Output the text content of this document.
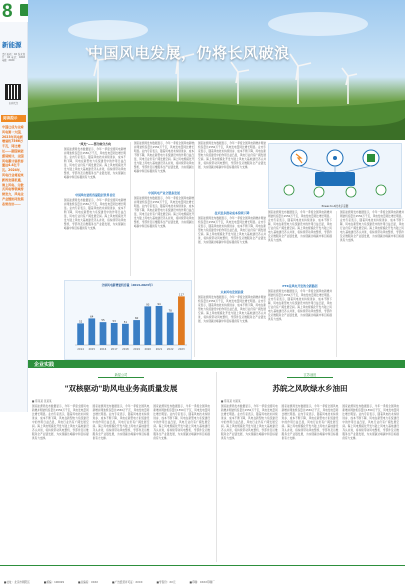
8
新能源
责任编辑：XX 版式设计：XX 电话：XXXX 电邮：XXXX
扫码关注
阅读提示
中国已成为全球风电第一大国，2023年风电新增装机7566万千瓦，同比增长……据国家能源局统计，全国风电累计装机容量达4.4亿千瓦。2024年，风电行业将迎来新的发展机遇，海上风电、分散式风电等领域持续发力，风电全产业链协同发展态势良好……
中国风电发展，仍将长风破浪
"风光"——部分细分方向
国家能源局发布数据显示，今年一季度全国风电新增并网装机容量达1550万千瓦，风电发电量同比增长明显。业内专家表示，随着风电技术持续进步、成本不断下降，风电在新型电力系统建设中的作用日益凸显，风电行业仍有广阔发展空间。海上风电规模化开发与陆上风电大基地建设齐头并进，将持续带动风电整机、零部件及运维服务全产业链发展，为实现碳达峰碳中和目标提供有力支撑。
中国风电装机容量稳居世界首位
国家能源局发布数据显示，今年一季度全国风电新增并网装机容量达1550万千瓦，风电发电量同比增长明显。业内专家表示，随着风电技术持续进步、成本不断下降，风电在新型电力系统建设中的作用日益凸显，风电行业仍有广阔发展空间。海上风电规模化开发与陆上风电大基地建设齐头并进，将持续带动风电整机、零部件及运维服务全产业链发展，为实现碳达峰碳中和目标提供有力支撑。
国家能源局发布数据显示，今年一季度全国风电新增并网装机容量达1550万千瓦，风电发电量同比增长明显。业内专家表示，随着风电技术持续进步、成本不断下降，风电在新型电力系统建设中的作用日益凸显，风电行业仍有广阔发展空间。海上风电规模化开发与陆上风电大基地建设齐头并进，将持续带动风电整机、零部件及运维服务全产业链发展，为实现碳达峰碳中和目标提供有力支撑。
中国风电产业全链条发展
国家能源局发布数据显示，今年一季度全国风电新增并网装机容量达1550万千瓦，风电发电量同比增长明显。业内专家表示，随着风电技术持续进步、成本不断下降，风电在新型电力系统建设中的作用日益凸显，风电行业仍有广阔发展空间。海上风电规模化开发与陆上风电大基地建设齐头并进，将持续带动风电整机、零部件及运维服务全产业链发展，为实现碳达峰碳中和目标提供有力支撑。
国家能源局发布数据显示，今年一季度全国风电新增并网装机容量达1550万千瓦，风电发电量同比增长明显。业内专家表示，随着风电技术持续进步、成本不断下降，风电在新型电力系统建设中的作用日益凸显，风电行业仍有广阔发展空间。海上风电规模化开发与陆上风电大基地建设齐头并进，将持续带动风电整机、零部件及运维服务全产业链发展，为实现碳达峰碳中和目标提供有力支撑。
技术进步推动成本持续下降
国家能源局发布数据显示，今年一季度全国风电新增并网装机容量达1550万千瓦，风电发电量同比增长明显。业内专家表示，随着风电技术持续进步、成本不断下降，风电在新型电力系统建设中的作用日益凸显，风电行业仍有广阔发展空间。海上风电规模化开发与陆上风电大基地建设齐头并进，将持续带动风电整机、零部件及运维服务全产业链发展，为实现碳达峰碳中和目标提供有力支撑。
未来风电发展前景
国家能源局发布数据显示，今年一季度全国风电新增并网装机容量达1550万千瓦，风电发电量同比增长明显。业内专家表示，随着风电技术持续进步、成本不断下降，风电在新型电力系统建设中的作用日益凸显，风电行业仍有广阔发展空间。海上风电规模化开发与陆上风电大基地建设齐头并进，将持续带动风电整机、零部件及运维服务全产业链发展，为实现碳达峰碳中和目标提供有力支撑。
Power-to-X技术示意图
国家能源局发布数据显示，今年一季度全国风电新增并网装机容量达1550万千瓦，风电发电量同比增长明显。业内专家表示，随着风电技术持续进步、成本不断下降，风电在新型电力系统建设中的作用日益凸显，风电行业仍有广阔发展空间。海上风电规模化开发与陆上风电大基地建设齐头并进，将持续带动风电整机、零部件及运维服务全产业链发展，为实现碳达峰碳中和目标提供有力支撑。
PTX是风电开发的全新路径
国家能源局发布数据显示，今年一季度全国风电新增并网装机容量达1550万千瓦，风电发电量同比增长明显。业内专家表示，随着风电技术持续进步、成本不断下降，风电在新型电力系统建设中的作用日益凸显，风电行业仍有广阔发展空间。海上风电规模化开发与陆上风电大基地建设齐头并进，将持续带动风电整机、零部件及运维服务全产业链发展，为实现碳达峰碳中和目标提供有力支撑。
国家能源局发布数据显示，今年一季度全国风电新增并网装机容量达1550万千瓦，风电发电量同比增长明显。业内专家表示，随着风电技术持续进步、成本不断下降，风电在新型电力系统建设中的作用日益凸显，风电行业仍有广阔发展空间。海上风电规模化开发与陆上风电大基地建设齐头并进，将持续带动风电整机、零部件及运维服务全产业链发展，为实现碳达峰碳中和目标提供有力支撑。
全球风电新增装机容量（2014-2023年）
52
2014
64
2015
55
2016
53
2017
51
2018
60
2019
93
2020
94
2021
78
2022
117
2023
企业实践
新星公司
"双核驱动"助风电业务高质量发展
■ 陈某某 张某某
国家能源局发布数据显示，今年一季度全国风电新增并网装机容量达1550万千瓦，风电发电量同比增长明显。业内专家表示，随着风电技术持续进步、成本不断下降，风电在新型电力系统建设中的作用日益凸显，风电行业仍有广阔发展空间。海上风电规模化开发与陆上风电大基地建设齐头并进，将持续带动风电整机、零部件及运维服务全产业链发展，为实现碳达峰碳中和目标提供有力支撑。
国家能源局发布数据显示，今年一季度全国风电新增并网装机容量达1550万千瓦，风电发电量同比增长明显。业内专家表示，随着风电技术持续进步、成本不断下降，风电在新型电力系统建设中的作用日益凸显，风电行业仍有广阔发展空间。海上风电规模化开发与陆上风电大基地建设齐头并进，将持续带动风电整机、零部件及运维服务全产业链发展，为实现碳达峰碳中和目标提供有力支撑。
国家能源局发布数据显示，今年一季度全国风电新增并网装机容量达1550万千瓦，风电发电量同比增长明显。业内专家表示，随着风电技术持续进步、成本不断下降，风电在新型电力系统建设中的作用日益凸显，风电行业仍有广阔发展空间。海上风电规模化开发与陆上风电大基地建设齐头并进，将持续带动风电整机、零部件及运维服务全产业链发展，为实现碳达峰碳中和目标提供有力支撑。
江苏油田
苏皖之风吹绿水乡油田
■ 陈某某 刘某某
国家能源局发布数据显示，今年一季度全国风电新增并网装机容量达1550万千瓦，风电发电量同比增长明显。业内专家表示，随着风电技术持续进步、成本不断下降，风电在新型电力系统建设中的作用日益凸显，风电行业仍有广阔发展空间。海上风电规模化开发与陆上风电大基地建设齐头并进，将持续带动风电整机、零部件及运维服务全产业链发展，为实现碳达峰碳中和目标提供有力支撑。
国家能源局发布数据显示，今年一季度全国风电新增并网装机容量达1550万千瓦，风电发电量同比增长明显。业内专家表示，随着风电技术持续进步、成本不断下降，风电在新型电力系统建设中的作用日益凸显，风电行业仍有广阔发展空间。海上风电规模化开发与陆上风电大基地建设齐头并进，将持续带动风电整机、零部件及运维服务全产业链发展，为实现碳达峰碳中和目标提供有力支撑。
国家能源局发布数据显示，今年一季度全国风电新增并网装机容量达1550万千瓦，风电发电量同比增长明显。业内专家表示，随着风电技术持续进步、成本不断下降，风电在新型电力系统建设中的作用日益凸显，风电行业仍有广阔发展空间。海上风电规模化开发与陆上风电大基地建设齐头并进，将持续带动风电整机、零部件及运维服务全产业链发展，为实现碳达峰碳中和目标提供有力支撑。
■社址：北京市朝阳区	■邮编：100029	■总编室：XXXX	■广告经营许可证：XXXX	■零售价：XX元	■印刷：XXXX印刷厂
